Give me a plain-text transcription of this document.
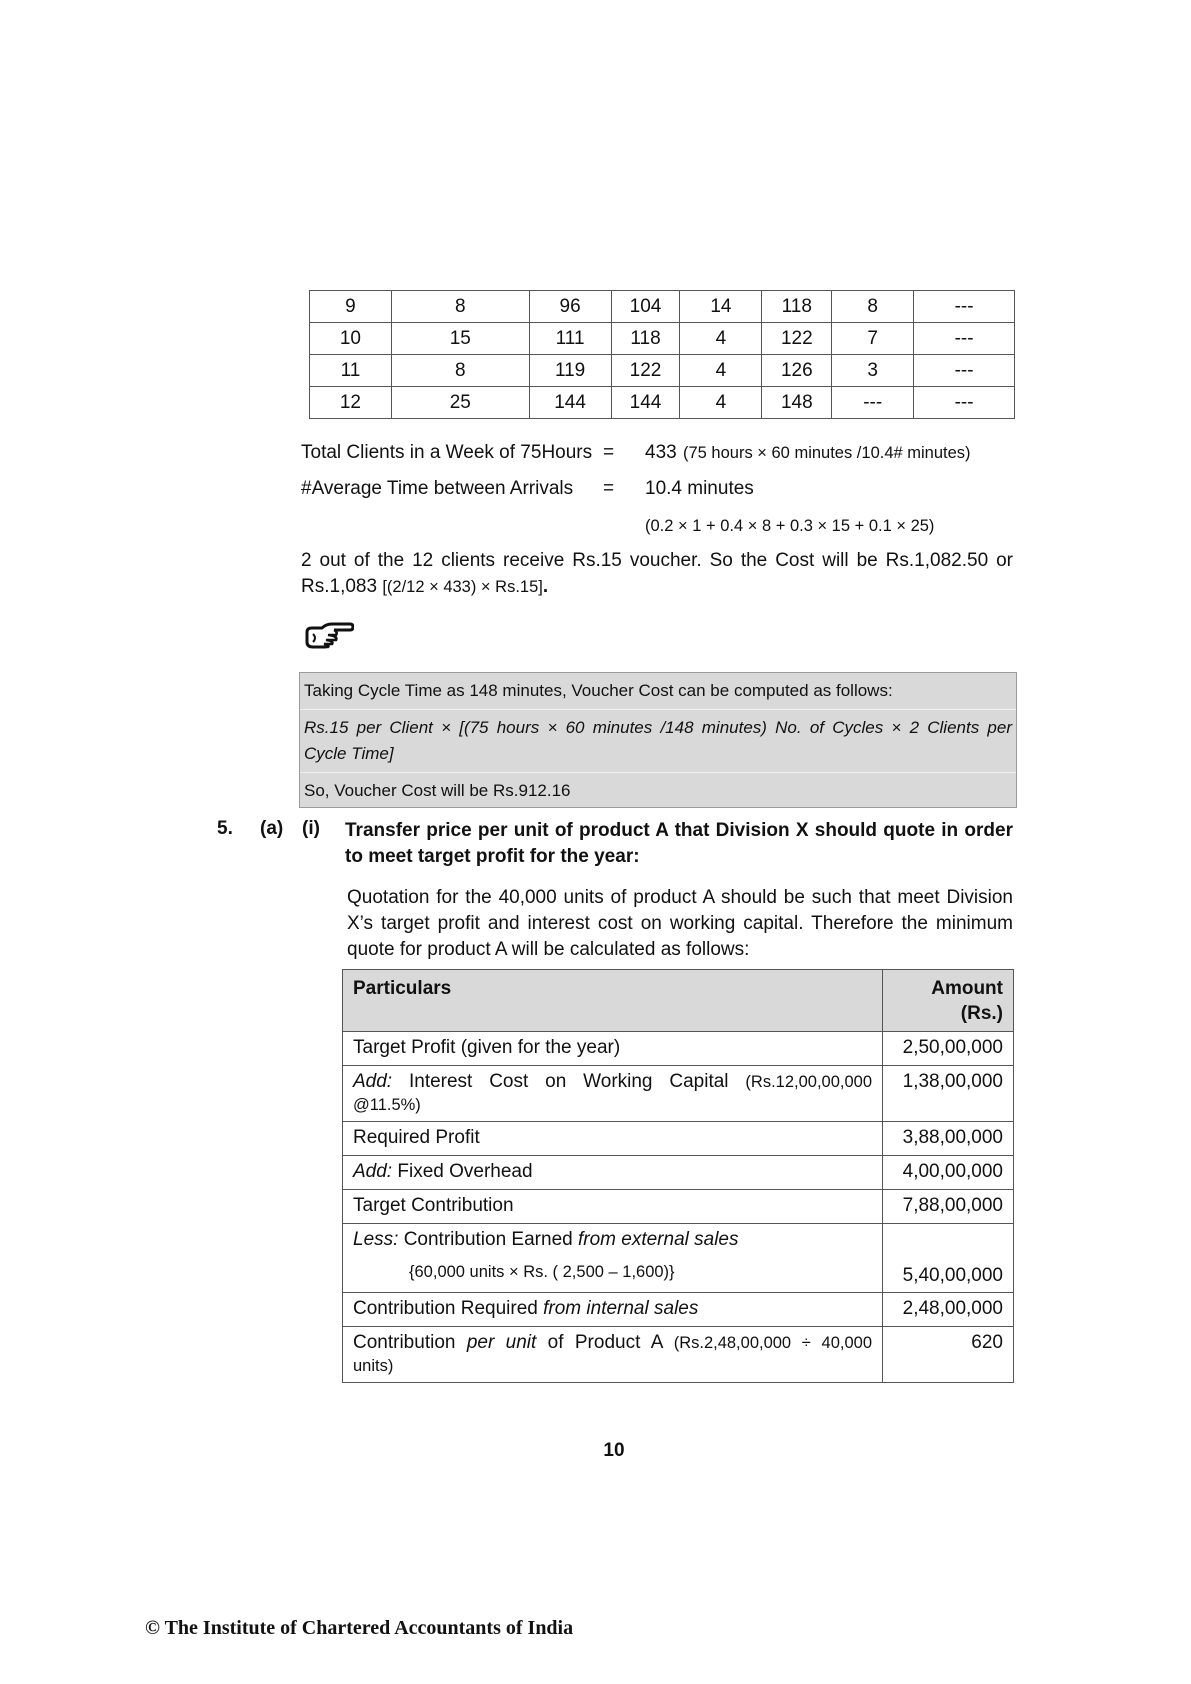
9	8	96	104	14	118	8	---
10	15	111	118	4	122	7	---
11	8	119	122	4	126	3	---
12	25	144	144	4	148	---	---
Total Clients in a Week of 75Hours = 433 (75 hours × 60 minutes /10.4# minutes)
#Average Time between Arrivals = 10.4 minutes
(0.2 × 1 + 0.4 × 8 + 0.3 × 15 + 0.1 × 25)
2 out of the 12 clients receive Rs.15 voucher. So the Cost will be Rs.1,082.50 or
Rs.1,083 [(2/12 × 433) × Rs.15].
Taking Cycle Time as 148 minutes, Voucher Cost can be computed as follows:
Rs.15 per Client × [(75 hours × 60 minutes /148 minutes) No. of Cycles × 2 Clients per
Cycle Time]
So, Voucher Cost will be Rs.912.16
5. (a) (i) Transfer price per unit of product A that Division X should quote in order
to meet target profit for the year:
Quotation for the 40,000 units of product A should be such that meet Division
X’s target profit and interest cost on working capital. Therefore the minimum
quote for product A will be calculated as follows:
Particulars	Amount
(Rs.)

Target Profit (given for the year)	2,50,00,000

Add: Interest Cost on Working Capital (Rs.12,00,00,000
@11.5%)	1,38,00,000
Required Profit	3,88,00,000
Add: Fixed Overhead	4,00,00,000
Target Contribution	7,88,00,000

Less: Contribution Earned from external sales
{60,000 units × Rs. ( 2,500 – 1,600)}	5,40,00,000
Contribution Required from internal sales	2,48,00,000

Contribution per unit of Product A (Rs.2,48,00,000 ÷ 40,000
units)	620
10
© The Institute of Chartered Accountants of India
